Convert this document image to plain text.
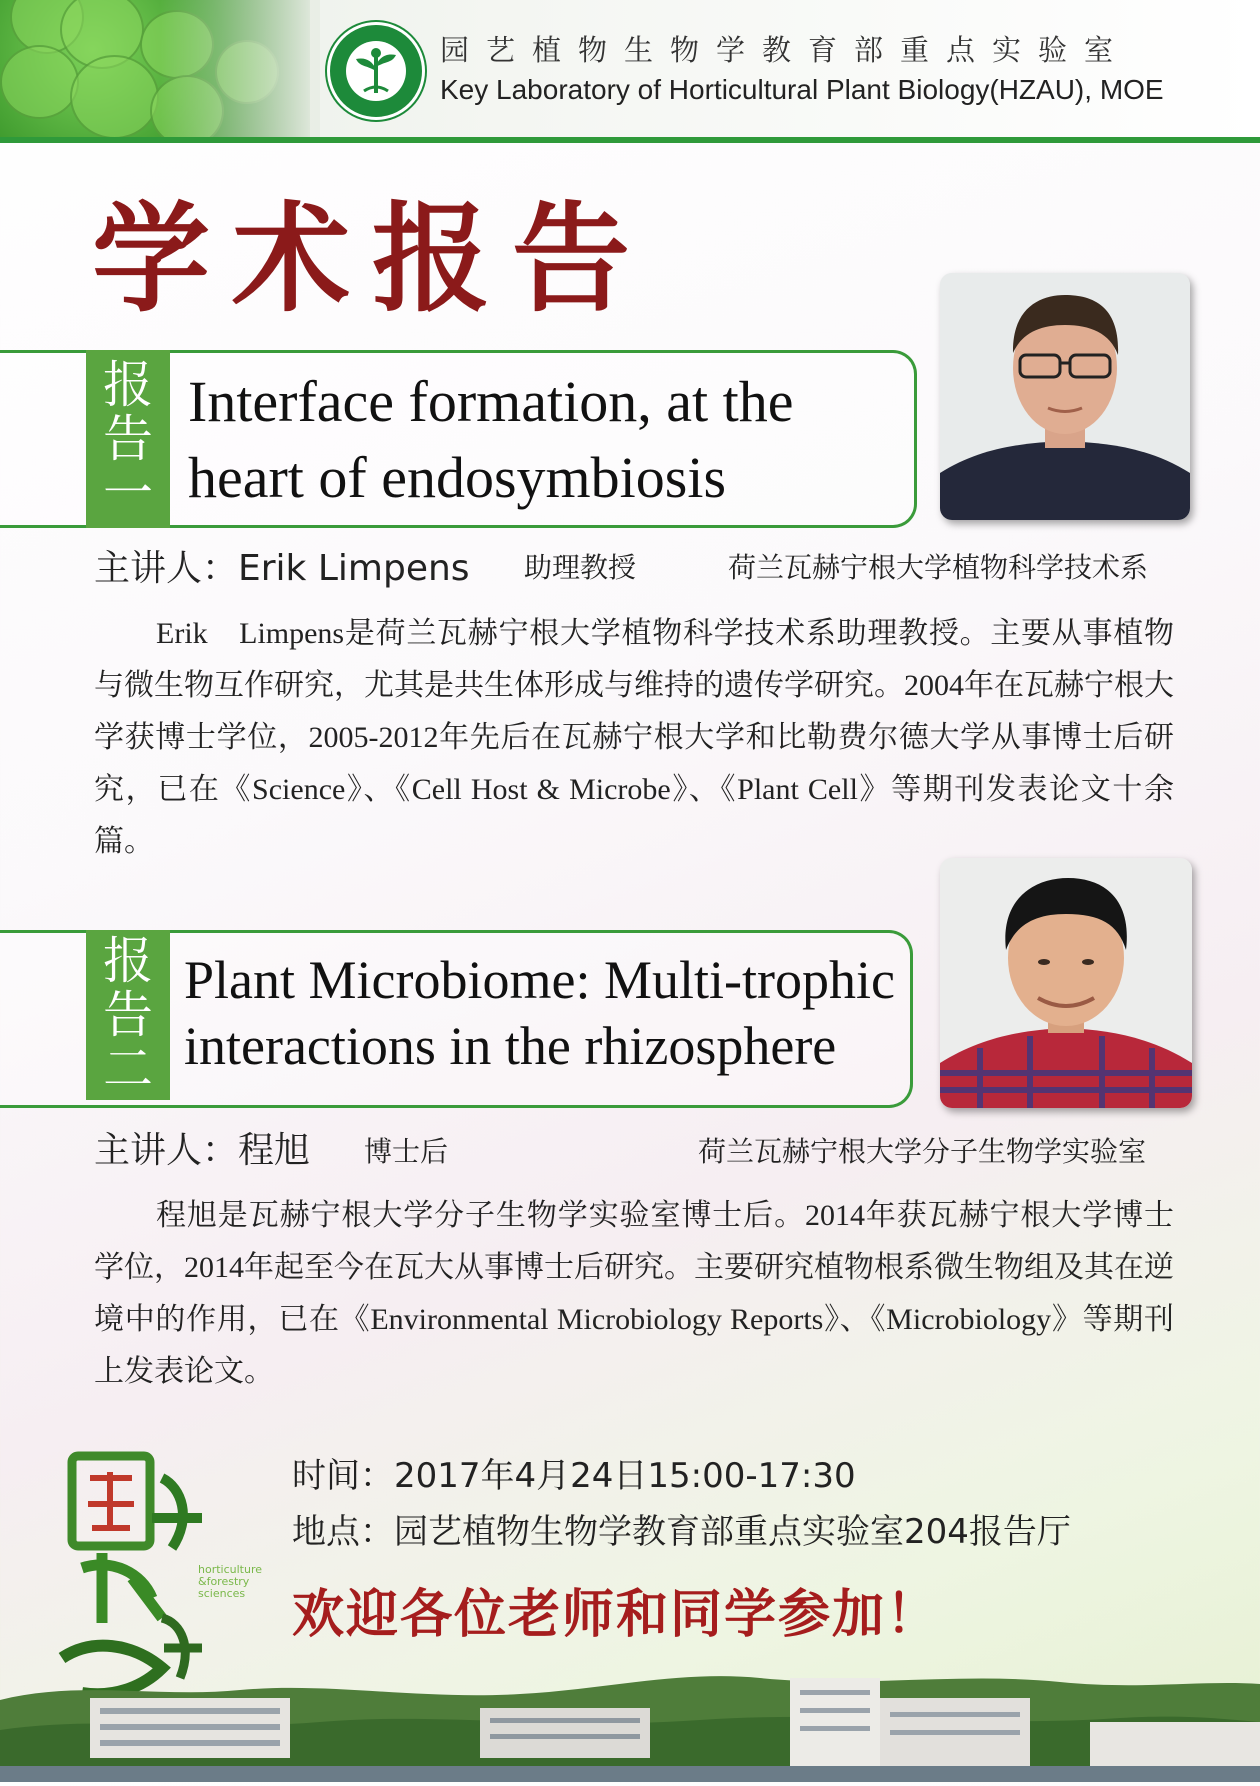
园艺植物生物学教育部重点实验室
Key Laboratory of Horticultural Plant Biology(HZAU), MOE
学术报告
报
告
一
Interface formation, at the
heart of endosymbiosis
主讲人：Erik Limpens 助理教授	荷兰瓦赫宁根大学植物科学技术系
Erik　Limpens是荷兰瓦赫宁根大学植物科学技术系助理教授。主要从事植物与微生物互作研究，尤其是共生体形成与维持的遗传学研究。2004年在瓦赫宁根大学获博士学位，2005-2012年先后在瓦赫宁根大学和比勒费尔德大学从事博士后研究，已在《Science》、《Cell Host & Microbe》、《Plant Cell》等期刊发表论文十余篇。
报
告
二
Plant Microbiome: Multi-trophic
interactions in the rhizosphere
主讲人：程旭 博士后	荷兰瓦赫宁根大学分子生物学实验室
程旭是瓦赫宁根大学分子生物学实验室博士后。2014年获瓦赫宁根大学博士学位，2014年起至今在瓦大从事博士后研究。主要研究植物根系微生物组及其在逆境中的作用，已在《Environmental Microbiology Reports》、《Microbiology》等期刊上发表论文。
时间：2017年4月24日15:00-17:30
地点：园艺植物生物学教育部重点实验室204报告厅
欢迎各位老师和同学参加！
horticulture
&forestry
sciences
